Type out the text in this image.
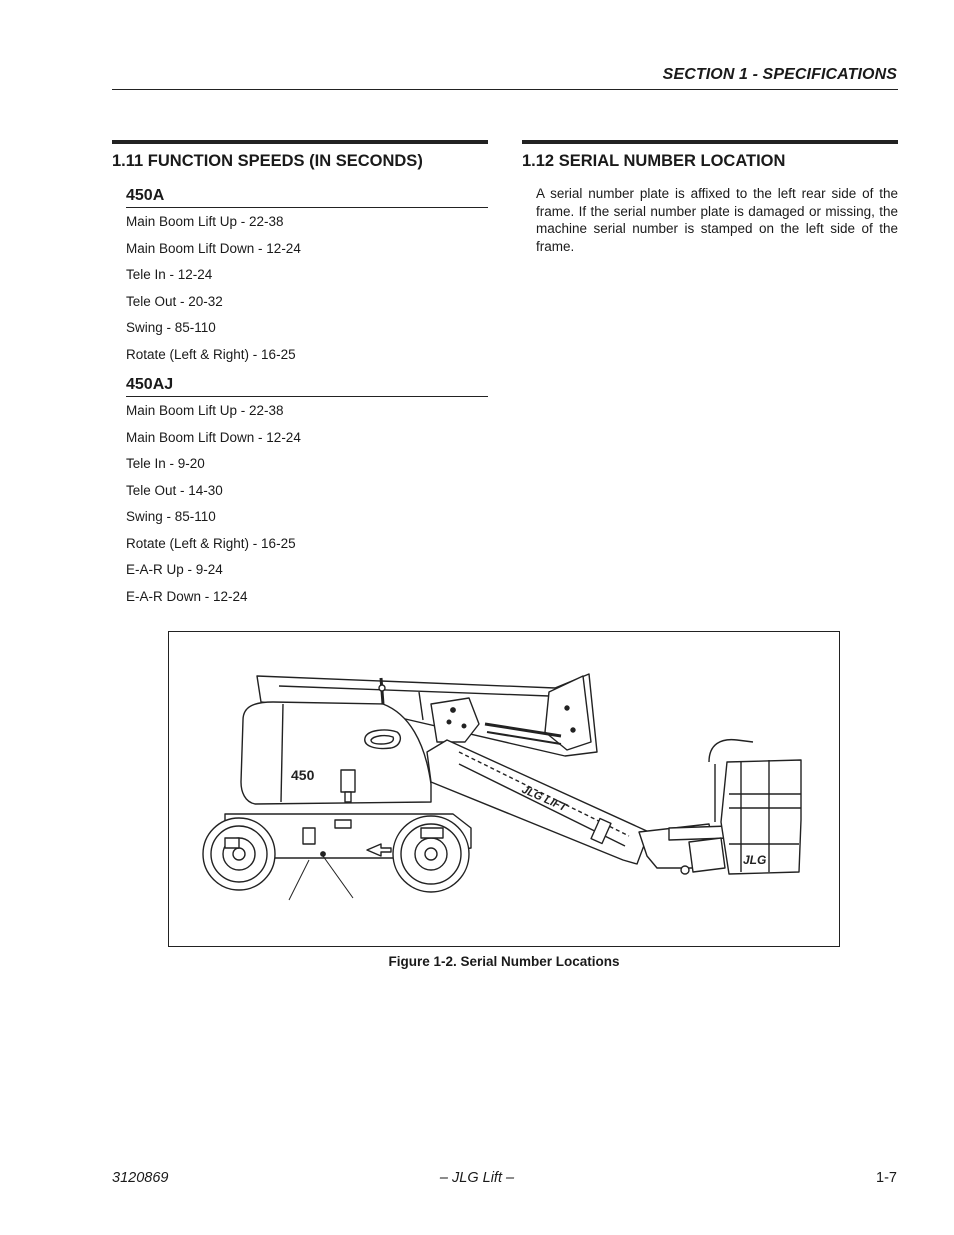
SECTION 1 - SPECIFICATIONS
1.11 FUNCTION SPEEDS (IN SECONDS)
450A
Main Boom Lift Up - 22-38
Main Boom Lift Down - 12-24
Tele In - 12-24
Tele Out - 20-32
Swing - 85-110
Rotate (Left & Right) - 16-25
450AJ
Main Boom Lift Up - 22-38
Main Boom Lift Down - 12-24
Tele In - 9-20
Tele Out - 14-30
Swing - 85-110
Rotate (Left & Right) - 16-25
E-A-R Up - 9-24
E-A-R Down - 12-24
1.12 SERIAL NUMBER LOCATION
A serial number plate is affixed to the left rear side of the frame. If the serial number plate is damaged or missing, the machine serial number is stamped on the left side of the frame.
450
JLG LIFT
JLG
Figure 1-2. Serial Number Locations
3120869	– JLG Lift –	1-7
